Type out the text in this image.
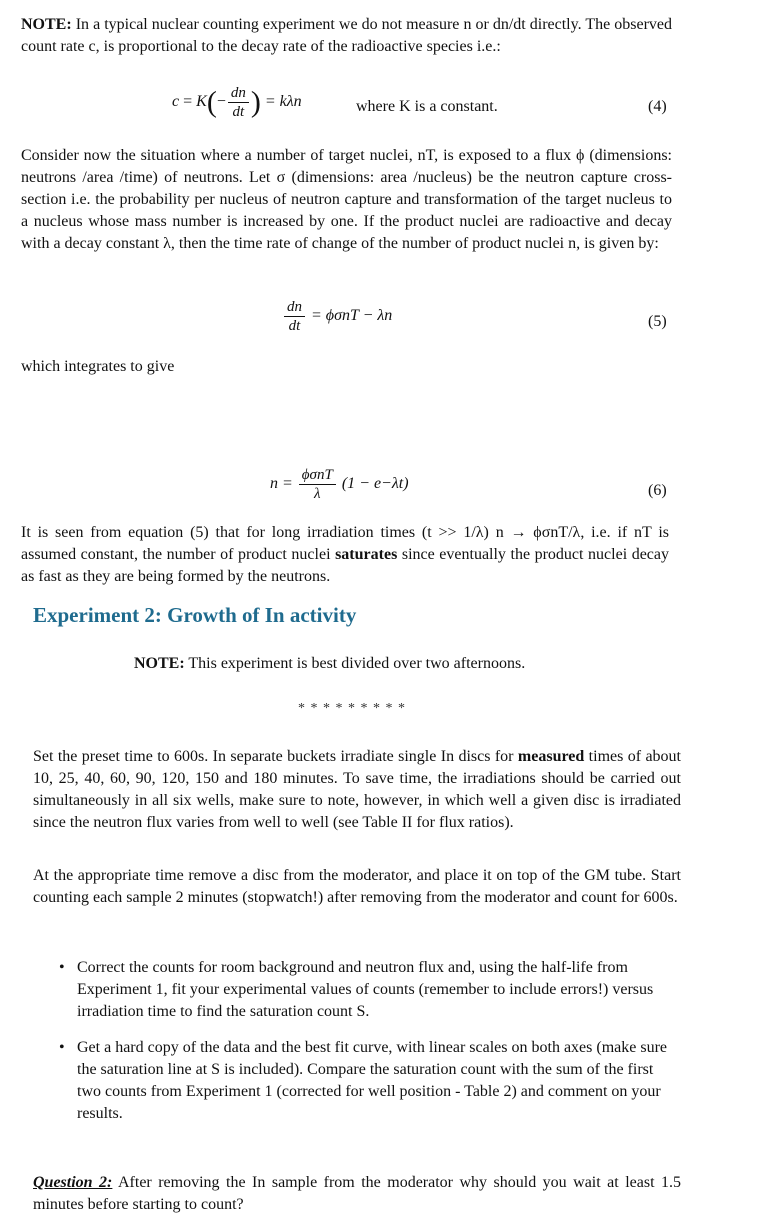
NOTE: In a typical nuclear counting experiment we do not measure n or dn/dt directly. The observed count rate c, is proportional to the decay rate of the radioactive species i.e.:

$c = K(- \frac{dn}{dt}$ ) = kλn	where K is a constant.	(4)

Consider now the situation where a number of target nuclei, nT, is exposed to a flux ϕ (dimensions: neutrons /area /time) of neutrons. Let σ (dimensions: area /nucleus) be the neutron capture cross-section i.e. the probability per nucleus of neutron capture and transformation of the target nucleus to a nucleus whose mass number is increased by one. If the product nuclei are radioactive and decay with a decay constant λ, then the time rate of change of the number of product nuclei n, is given by:

$\frac{dn}{dt} = \phi\sigma nT - \lambda n$	(5)

which integrates to give

$n = \frac{\text{ϕσnT}}{\lambda} (1 - e-\lambda t)$	(6)

It is seen from equation (5) that for long irradiation times (t >> 1/λ) n → ϕσnT/λ, i.e. if nT is assumed constant, the number of product nuclei saturates since eventually the product nuclei decay as fast as they are being formed by the neutrons.

Experiment 2: Growth of In activity

NOTE: This experiment is best divided over two afternoons.

* * * * * * * * *

Set the preset time to 600s. In separate buckets irradiate single In discs for measured times of about 10, 25, 40, 60, 90, 120, 150 and 180 minutes. To save time, the irradiations should be carried out simultaneously in all six wells, make sure to note, however, in which well a given disc is irradiated since the neutron flux varies from well to well (see Table II for flux ratios).

At the appropriate time remove a disc from the moderator, and place it on top of the GM tube. Start counting each sample 2 minutes (stopwatch!) after removing from the moderator and count for 600s.

• Correct the counts for room background and neutron flux and, using the half-life from Experiment 1, fit your experimental values of counts (remember to include errors!) versus irradiation time to find the saturation count S.
• Get a hard copy of the data and the best fit curve, with linear scales on both axes (make sure the saturation line at S is included). Compare the saturation count with the sum of the first two counts from Experiment 1 (corrected for well position - Table 2) and comment on your results.

Question 2: After removing the In sample from the moderator why should you wait at least 1.5 minutes before starting to count?
